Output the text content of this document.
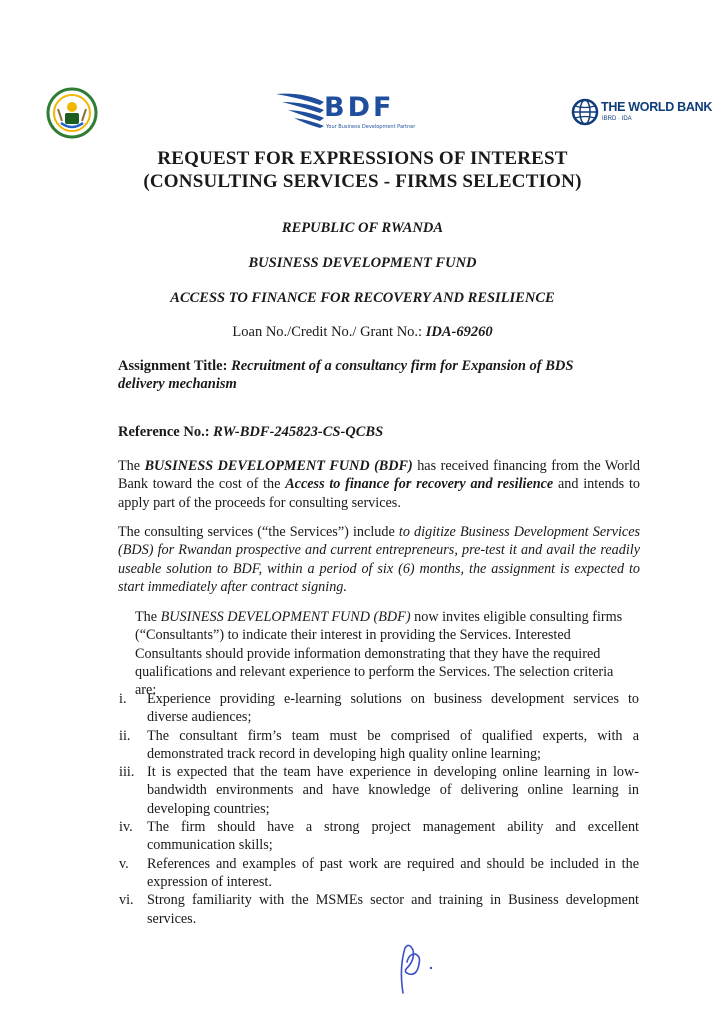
BDF
Your Business Development Partner
THE WORLD BANK
IBRD · IDA
REQUEST FOR EXPRESSIONS OF INTEREST
(CONSULTING SERVICES - FIRMS SELECTION)
REPUBLIC OF RWANDA
BUSINESS DEVELOPMENT FUND
ACCESS TO FINANCE FOR RECOVERY AND RESILIENCE
Loan No./Credit No./ Grant No.: IDA-69260
Assignment Title: Recruitment of a consultancy firm for Expansion of BDS delivery mechanism
Reference No.: RW-BDF-245823-CS-QCBS
The BUSINESS DEVELOPMENT FUND (BDF) has received financing from the World Bank toward the cost of the Access to finance for recovery and resilience and intends to apply part of the proceeds for consulting services.
The consulting services (“the Services”) include to digitize Business Development Services (BDS) for Rwandan prospective and current entrepreneurs, pre-test it and avail the readily useable solution to BDF, within a period of six (6) months, the assignment is expected to start immediately after contract signing.
The BUSINESS DEVELOPMENT FUND (BDF) now invites eligible consulting firms (“Consultants”) to indicate their interest in providing the Services. Interested Consultants should provide information demonstrating that they have the required qualifications and relevant experience to perform the Services. The selection criteria are:
i.	Experience providing e-learning solutions on business development services to diverse audiences;
ii.	The consultant firm’s team must be comprised of qualified experts, with a demonstrated track record in developing high quality online learning;
iii. It is expected that the team have experience in developing online learning in low-bandwidth environments and have knowledge of delivering online learning in developing countries;
iv.	The firm should have a strong project management ability and excellent communication skills;
v.	References and examples of past work are required and should be included in the expression of interest.
vi. Strong familiarity with the MSMEs sector and training in Business development services.
